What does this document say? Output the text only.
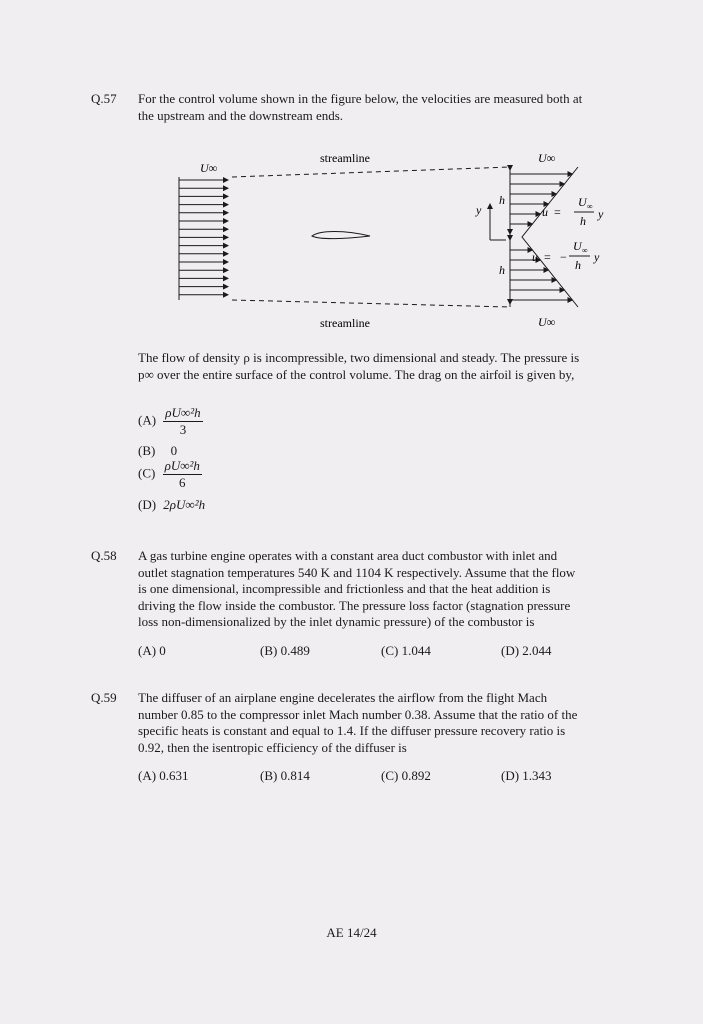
Q.57 For the control volume shown in the figure below, the velocities are measured both at
the upstream and the downstream ends.
streamline
streamline
U∞
h
h
y
U∞
U∞
u =
U ∞
h y
u = −
U ∞
h
y
The flow of density ρ is incompressible, two dimensional and steady. The pressure is
p∞ over the entire surface of the control volume. The drag on the airfoil is given by,
$(A) \frac{\text{ρU∞²h}}{3}$
(B) 0
$(C) \frac{\text{ρU∞²h}}{6}$
(D) 2ρU∞²h
Q.58 A gas turbine engine operates with a constant area duct combustor with inlet and
outlet stagnation temperatures 540 K and 1104 K respectively. Assume that the flow
is one dimensional, incompressible and frictionless and that the heat addition is
driving the flow inside the combustor. The pressure loss factor (stagnation pressure
loss non-dimensionalized by the inlet dynamic pressure) of the combustor is
(A) 0	(B) 0.489	(C) 1.044	(D) 2.044
Q.59 The diffuser of an airplane engine decelerates the airflow from the flight Mach
number 0.85 to the compressor inlet Mach number 0.38. Assume that the ratio of the
specific heats is constant and equal to 1.4. If the diffuser pressure recovery ratio is
0.92, then the isentropic efficiency of the diffuser is
(A) 0.631	(B) 0.814	(C) 0.892	(D) 1.343
AE 14/24
